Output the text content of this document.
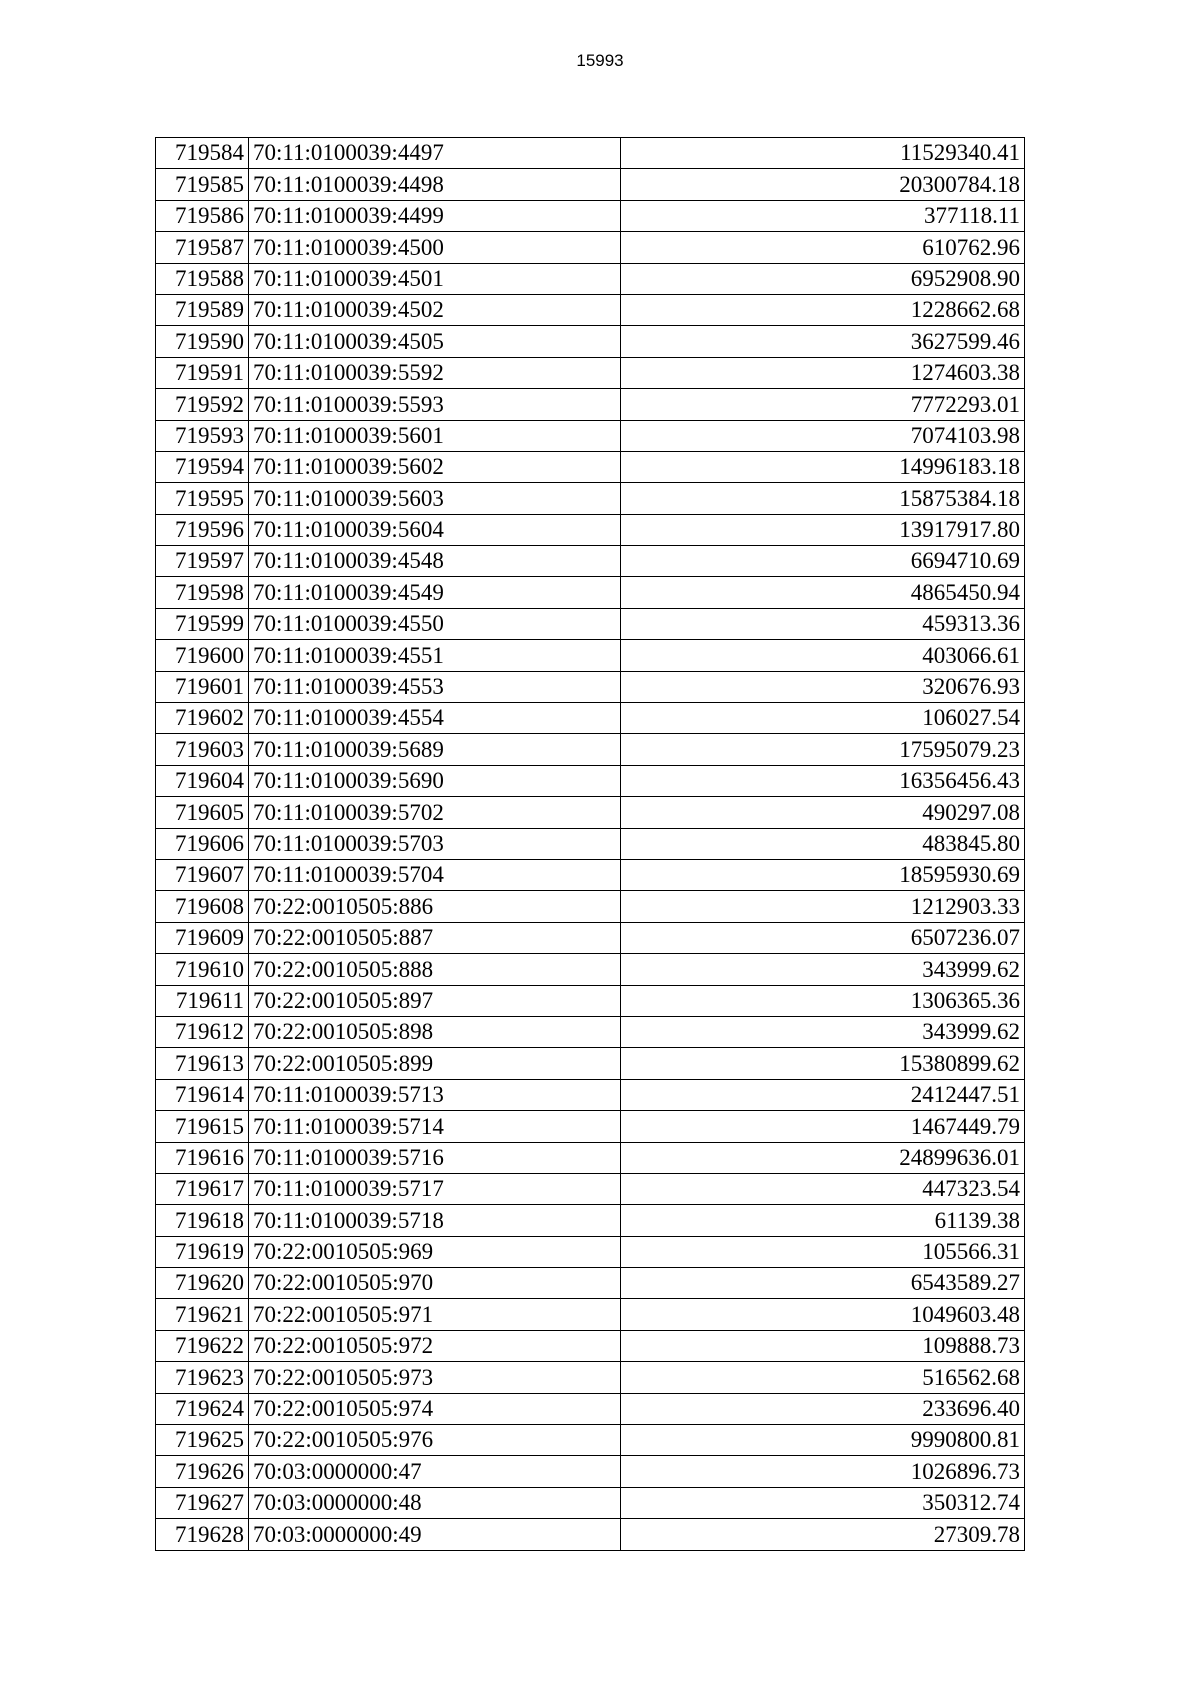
15993
719584	70:11:0100039:4497	11529340.41
719585	70:11:0100039:4498	20300784.18
719586	70:11:0100039:4499	377118.11
719587	70:11:0100039:4500	610762.96
719588	70:11:0100039:4501	6952908.90
719589	70:11:0100039:4502	1228662.68
719590	70:11:0100039:4505	3627599.46
719591	70:11:0100039:5592	1274603.38
719592	70:11:0100039:5593	7772293.01
719593	70:11:0100039:5601	7074103.98
719594	70:11:0100039:5602	14996183.18
719595	70:11:0100039:5603	15875384.18
719596	70:11:0100039:5604	13917917.80
719597	70:11:0100039:4548	6694710.69
719598	70:11:0100039:4549	4865450.94
719599	70:11:0100039:4550	459313.36
719600	70:11:0100039:4551	403066.61
719601	70:11:0100039:4553	320676.93
719602	70:11:0100039:4554	106027.54
719603	70:11:0100039:5689	17595079.23
719604	70:11:0100039:5690	16356456.43
719605	70:11:0100039:5702	490297.08
719606	70:11:0100039:5703	483845.80
719607	70:11:0100039:5704	18595930.69
719608	70:22:0010505:886	1212903.33
719609	70:22:0010505:887	6507236.07
719610	70:22:0010505:888	343999.62
719611	70:22:0010505:897	1306365.36
719612	70:22:0010505:898	343999.62
719613	70:22:0010505:899	15380899.62
719614	70:11:0100039:5713	2412447.51
719615	70:11:0100039:5714	1467449.79
719616	70:11:0100039:5716	24899636.01
719617	70:11:0100039:5717	447323.54
719618	70:11:0100039:5718	61139.38
719619	70:22:0010505:969	105566.31
719620	70:22:0010505:970	6543589.27
719621	70:22:0010505:971	1049603.48
719622	70:22:0010505:972	109888.73
719623	70:22:0010505:973	516562.68
719624	70:22:0010505:974	233696.40
719625	70:22:0010505:976	9990800.81
719626	70:03:0000000:47	1026896.73
719627	70:03:0000000:48	350312.74
719628	70:03:0000000:49	27309.78
